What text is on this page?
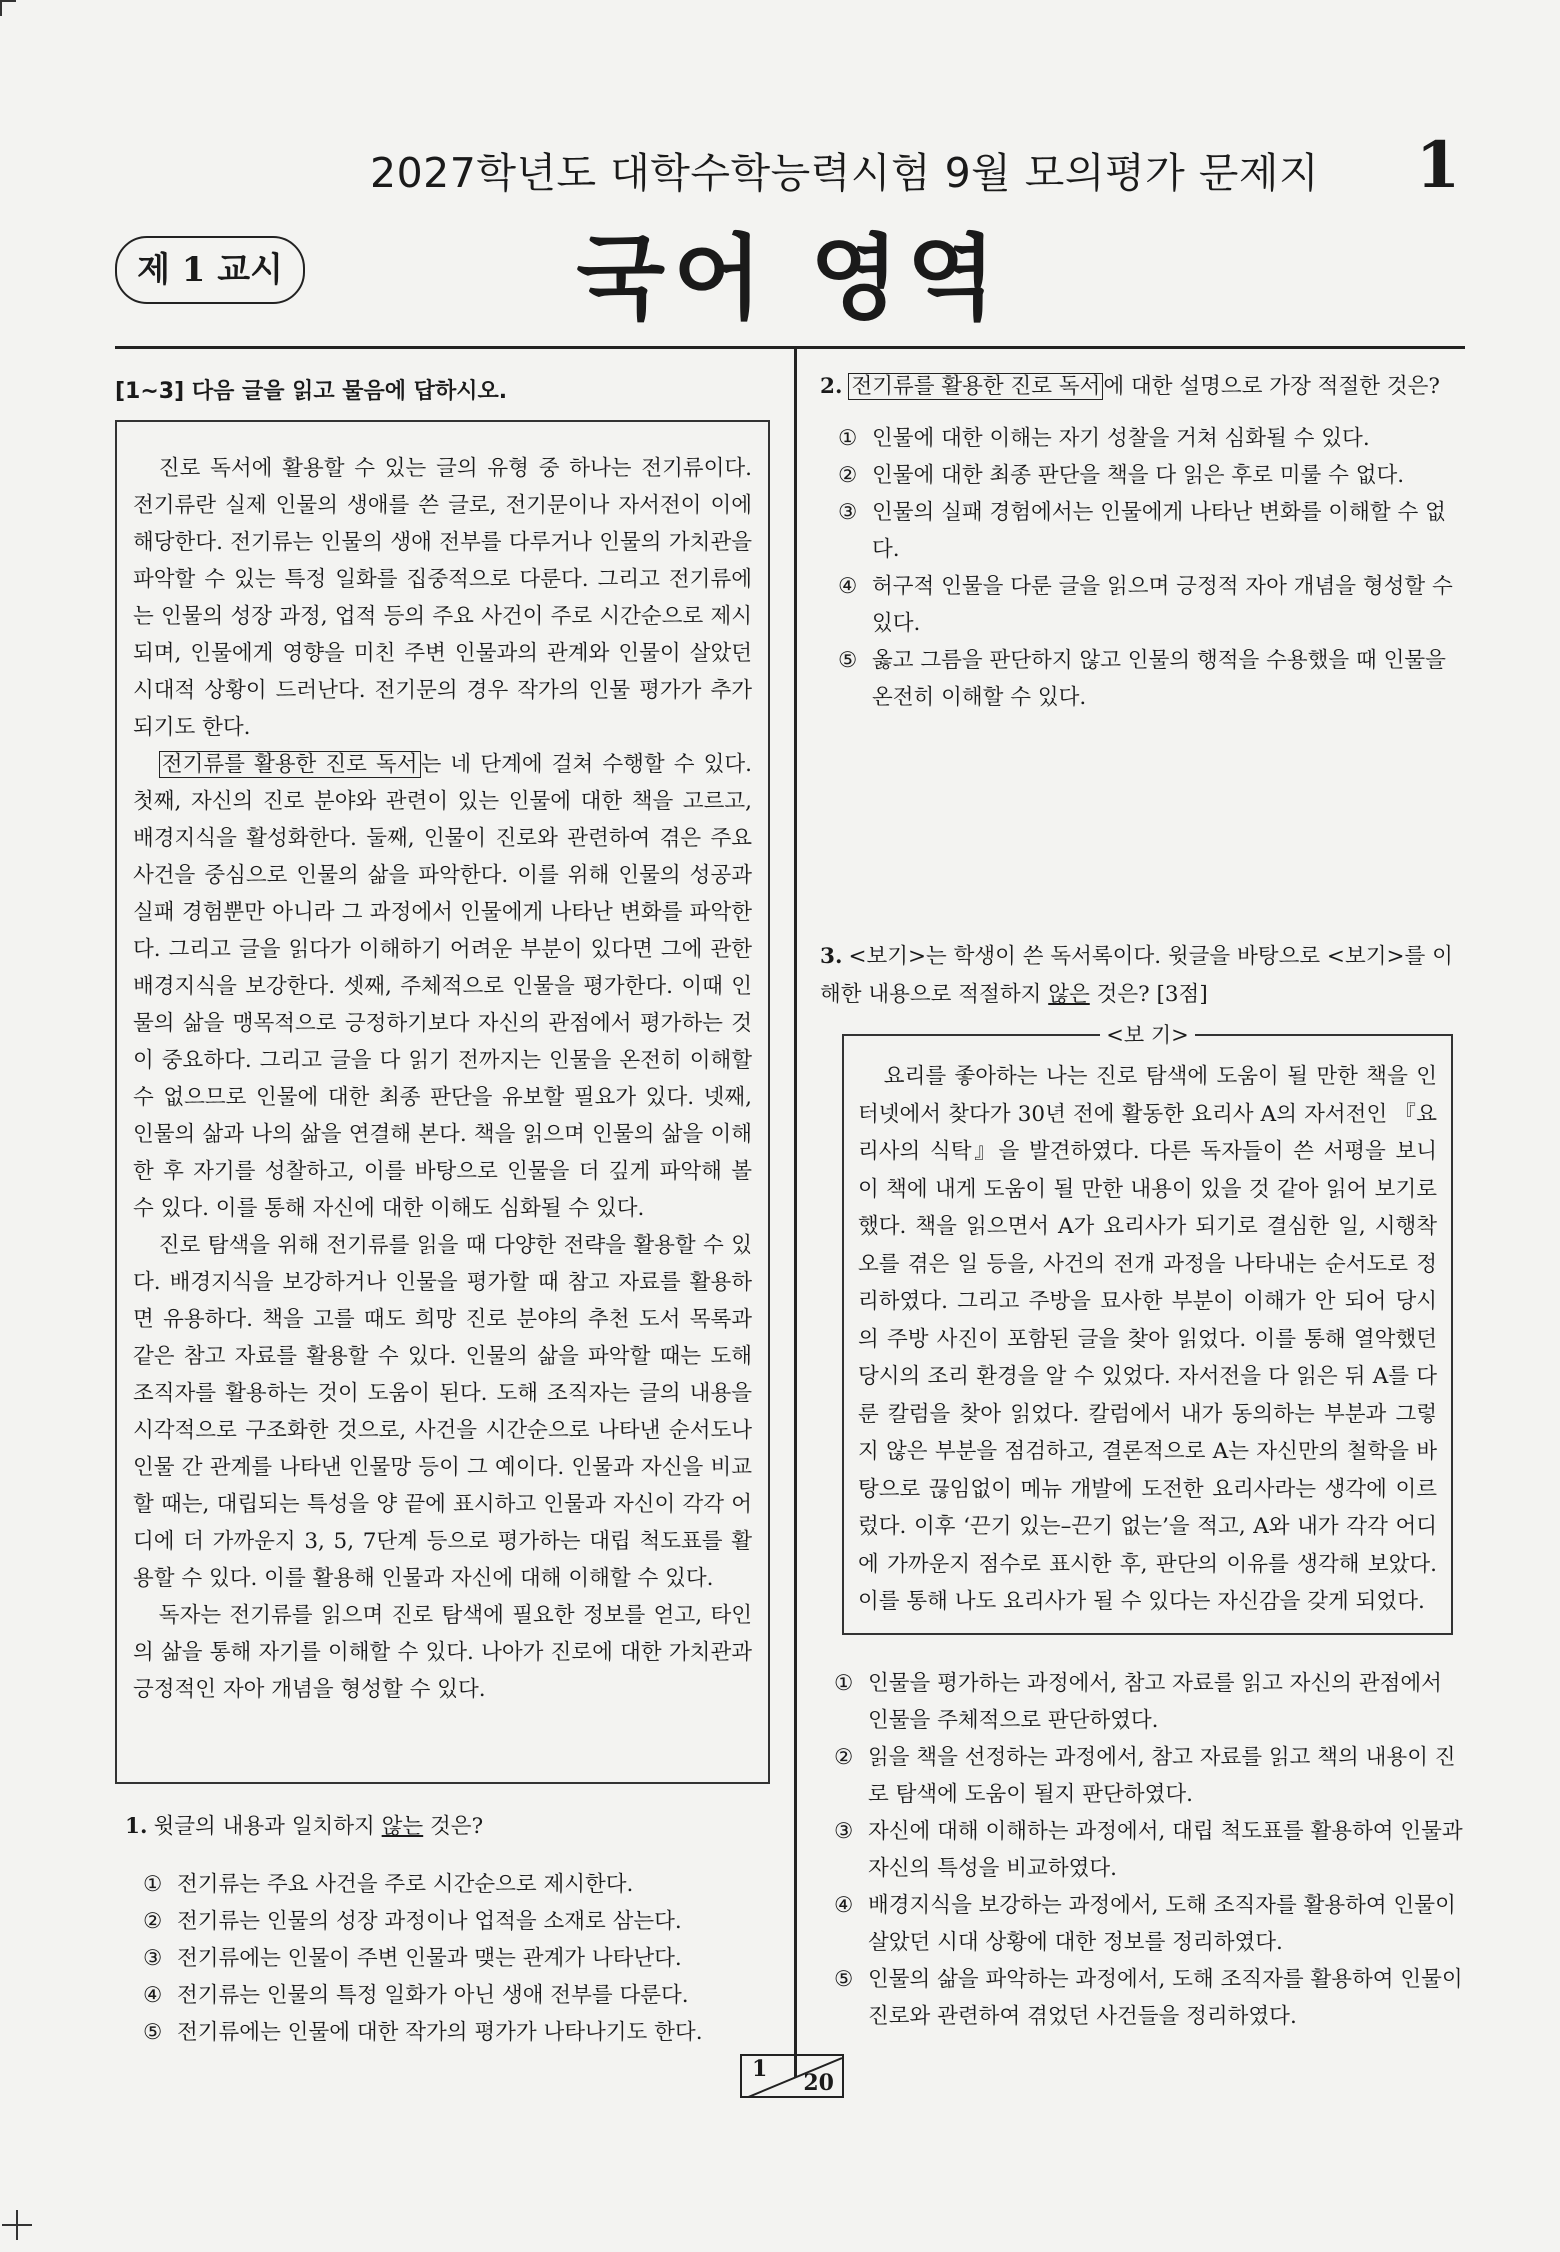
2027학년도 대학수학능력시험 9월 모의평가 문제지 1
제 1 교시	국어 영역
[1~3] 다음 글을 읽고 물음에 답하시오.

진로 독서에 활용할 수 있는 글의 유형 중 하나는 전기류이다. 전기류란 실제 인물의 생애를 쓴 글로, 전기문이나 자서전이 이에 해당한다. 전기류는 인물의 생애 전부를 다루거나 인물의 가치관을 파악할 수 있는 특정 일화를 집중적으로 다룬다. 그리고 전기류에는 인물의 성장 과정, 업적 등의 주요 사건이 주로 시간순으로 제시되며, 인물에게 영향을 미친 주변 인물과의 관계와 인물이 살았던 시대적 상황이 드러난다. 전기문의 경우 작가의 인물 평가가 추가되기도 한다.

전기류를 활용한 진로 독서 는 네 단계에 걸쳐 수행할 수 있다. 첫째, 자신의 진로 분야와 관련이 있는 인물에 대한 책을 고르고, 배경지식을 활성화한다. 둘째, 인물이 진로와 관련하여 겪은 주요 사건을 중심으로 인물의 삶을 파악한다. 이를 위해 인물의 성공과 실패 경험뿐만 아니라 그 과정에서 인물에게 나타난 변화를 파악한다. 그리고 글을 읽다가 이해하기 어려운 부분이 있다면 그에 관한 배경지식을 보강한다. 셋째, 주체적으로 인물을 평가한다. 이때 인물의 삶을 맹목적으로 긍정하기보다 자신의 관점에서 평가하는 것이 중요하다. 그리고 글을 다 읽기 전까지는 인물을 온전히 이해할 수 없으므로 인물에 대한 최종 판단을 유보할 필요가 있다. 넷째, 인물의 삶과 나의 삶을 연결해 본다. 책을 읽으며 인물의 삶을 이해한 후 자기를 성찰하고, 이를 바탕으로 인물을 더 깊게 파악해 볼 수 있다. 이를 통해 자신에 대한 이해도 심화될 수 있다.

진로 탐색을 위해 전기류를 읽을 때 다양한 전략을 활용할 수 있다. 배경지식을 보강하거나 인물을 평가할 때 참고 자료를 활용하면 유용하다. 책을 고를 때도 희망 진로 분야의 추천 도서 목록과 같은 참고 자료를 활용할 수 있다. 인물의 삶을 파악할 때는 도해 조직자를 활용하는 것이 도움이 된다. 도해 조직자는 글의 내용을 시각적으로 구조화한 것으로, 사건을 시간순으로 나타낸 순서도나 인물 간 관계를 나타낸 인물망 등이 그 예이다. 인물과 자신을 비교할 때는, 대립되는 특성을 양 끝에 표시하고 인물과 자신이 각각 어디에 더 가까운지 3, 5, 7단계 등으로 평가하는 대립 척도표를 활용할 수 있다. 이를 활용해 인물과 자신에 대해 이해할 수 있다.

독자는 전기류를 읽으며 진로 탐색에 필요한 정보를 얻고, 타인의 삶을 통해 자기를 이해할 수 있다. 나아가 진로에 대한 가치관과 긍정적인 자아 개념을 형성할 수 있다.

1. 윗글의 내용과 일치하지 않는 것은?

① 전기류는 주요 사건을 주로 시간순으로 제시한다.
② 전기류는 인물의 성장 과정이나 업적을 소재로 삼는다.
③ 전기류에는 인물이 주변 인물과 맺는 관계가 나타난다.
④ 전기류는 인물의 특정 일화가 아닌 생애 전부를 다룬다.
⑤ 전기류에는 인물에 대한 작가의 평가가 나타나기도 한다.

2. 전기류를 활용한 진로 독서 에 대한 설명으로 가장 적절한 것은?

① 인물에 대한 이해는 자기 성찰을 거쳐 심화될 수 있다.
② 인물에 대한 최종 판단을 책을 다 읽은 후로 미룰 수 없다.
③ 인물의 실패 경험에서는 인물에게 나타난 변화를 이해할 수 없다.
④ 허구적 인물을 다룬 글을 읽으며 긍정적 자아 개념을 형성할 수 있다.
⑤ 옳고 그름을 판단하지 않고 인물의 행적을 수용했을 때 인물을 온전히 이해할 수 있다.

3. <보기>는 학생이 쓴 독서록이다. 윗글을 바탕으로 <보기>를 이해한 내용으로 적절하지 않은 것은? [3점]

<보 기>

요리를 좋아하는 나는 진로 탐색에 도움이 될 만한 책을 인터넷에서 찾다가 30년 전에 활동한 요리사 A의 자서전인 『요리사의 식탁』을 발견하였다. 다른 독자들이 쓴 서평을 보니 이 책에 내게 도움이 될 만한 내용이 있을 것 같아 읽어 보기로 했다. 책을 읽으면서 A가 요리사가 되기로 결심한 일, 시행착오를 겪은 일 등을, 사건의 전개 과정을 나타내는 순서도로 정리하였다. 그리고 주방을 묘사한 부분이 이해가 안 되어 당시의 주방 사진이 포함된 글을 찾아 읽었다. 이를 통해 열악했던 당시의 조리 환경을 알 수 있었다. 자서전을 다 읽은 뒤 A를 다룬 칼럼을 찾아 읽었다. 칼럼에서 내가 동의하는 부분과 그렇지 않은 부분을 점검하고, 결론적으로 A는 자신만의 철학을 바탕으로 끊임없이 메뉴 개발에 도전한 요리사라는 생각에 이르렀다. 이후 ‘끈기 있는–끈기 없는’을 적고, A와 내가 각각 어디에 가까운지 점수로 표시한 후, 판단의 이유를 생각해 보았다. 이를 통해 나도 요리사가 될 수 있다는 자신감을 갖게 되었다.

① 인물을 평가하는 과정에서, 참고 자료를 읽고 자신의 관점에서 인물을 주체적으로 판단하였다.
② 읽을 책을 선정하는 과정에서, 참고 자료를 읽고 책의 내용이 진로 탐색에 도움이 될지 판단하였다.
③ 자신에 대해 이해하는 과정에서, 대립 척도표를 활용하여 인물과 자신의 특성을 비교하였다.
④ 배경지식을 보강하는 과정에서, 도해 조직자를 활용하여 인물이 살았던 시대 상황에 대한 정보를 정리하였다.
⑤ 인물의 삶을 파악하는 과정에서, 도해 조직자를 활용하여 인물이 진로와 관련하여 겪었던 사건들을 정리하였다.
1
20
